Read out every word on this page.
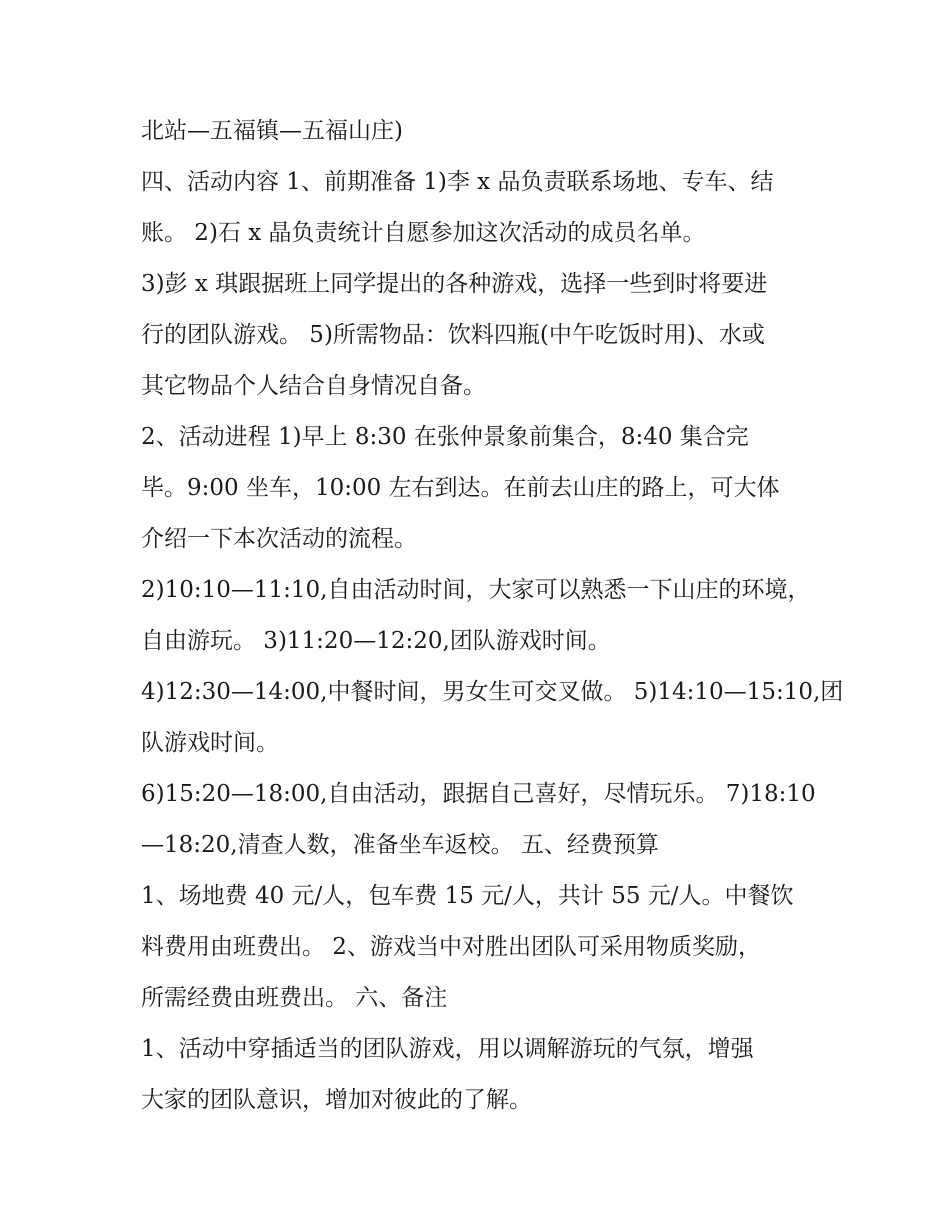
北站—五福镇—五福山庄)
四、活动内容 1、前期准备 1)李 x 品负责联系场地、专车、结
账。 2)石 x 晶负责统计自愿参加这次活动的成员名单。
3)彭 x 琪跟据班上同学提出的各种游戏，选择一些到时将要进
行的团队游戏。 5)所需物品：饮料四瓶(中午吃饭时用)、水或
其它物品个人结合自身情况自备。
2、活动进程 1)早上 8:30 在张仲景象前集合，8:40 集合完
毕。9:00 坐车，10:00 左右到达。在前去山庄的路上，可大体
介绍一下本次活动的流程。
2)10:10—11:10,自由活动时间，大家可以熟悉一下山庄的环境，
自由游玩。 3)11:20—12:20,团队游戏时间。
4)12:30—14:00,中餐时间，男女生可交叉做。 5)14:10—15:10,团
队游戏时间。
6)15:20—18:00,自由活动，跟据自己喜好，尽情玩乐。 7)18:10
—18:20,清查人数，准备坐车返校。 五、经费预算
1、场地费 40 元/人，包车费 15 元/人，共计 55 元/人。中餐饮
料费用由班费出。 2、游戏当中对胜出团队可采用物质奖励，
所需经费由班费出。 六、备注
1、活动中穿插适当的团队游戏，用以调解游玩的气氛，增强
大家的团队意识，增加对彼此的了解。
